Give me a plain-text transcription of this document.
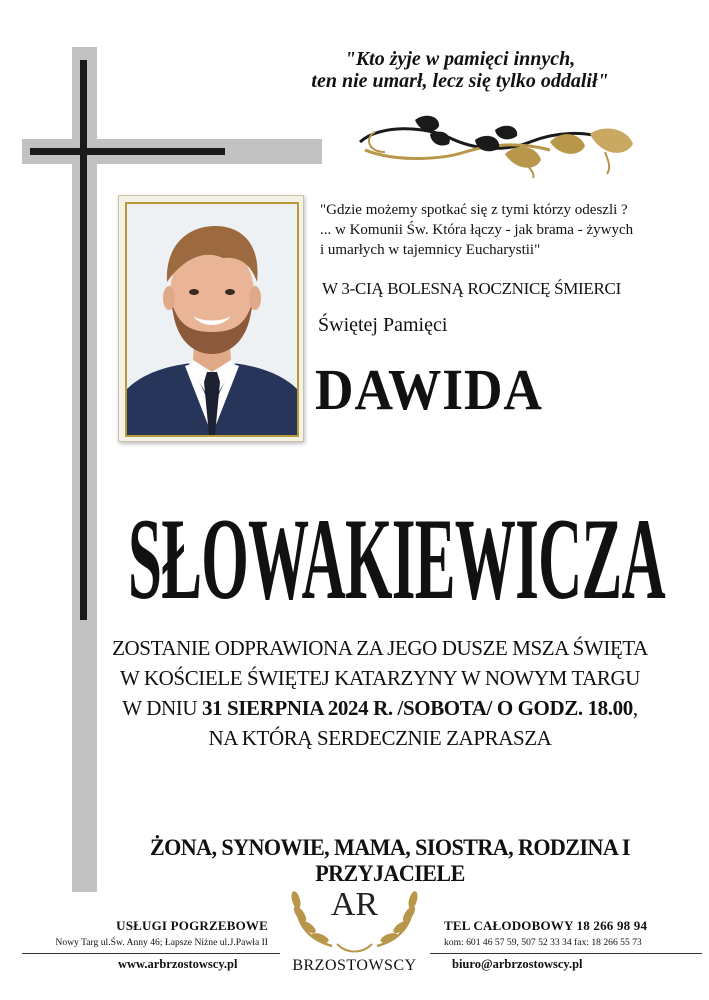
"Kto żyje w pamięci innych,
ten nie umarł, lecz się tylko oddalił"
"Gdzie możemy spotkać się z tymi którzy odeszli ?
... w Komunii Św. Która łączy - jak brama - żywych
i umarłych w tajemnicy Eucharystii"
W 3-CIĄ BOLESNĄ ROCZNICĘ ŚMIERCI
Świętej Pamięci
DAWIDA
SŁOWAKIEWICZA
ZOSTANIE ODPRAWIONA ZA JEGO DUSZE MSZA ŚWIĘTA
W KOŚCIELE ŚWIĘTEJ KATARZYNY W NOWYM TARGU
W DNIU 31 SIERPNIA 2024 R. /SOBOTA/ O GODZ. 18.00,
NA KTÓRĄ SERDECZNIE ZAPRASZA
ŻONA, SYNOWIE, MAMA, SIOSTRA, RODZINA I PRZYJACIELE
USŁUGI POGRZEBOWE
Nowy Targ ul.Św. Anny 46; Łapsze Niżne ul.J.Pawła II
AR
BRZOSTOWSCY
TEL CAŁODOBOWY 18 266 98 94
kom: 601 46 57 59, 507 52 33 34 fax: 18 266 55 73
www.arbrzostowscy.pl	biuro@arbrzostowscy.pl
